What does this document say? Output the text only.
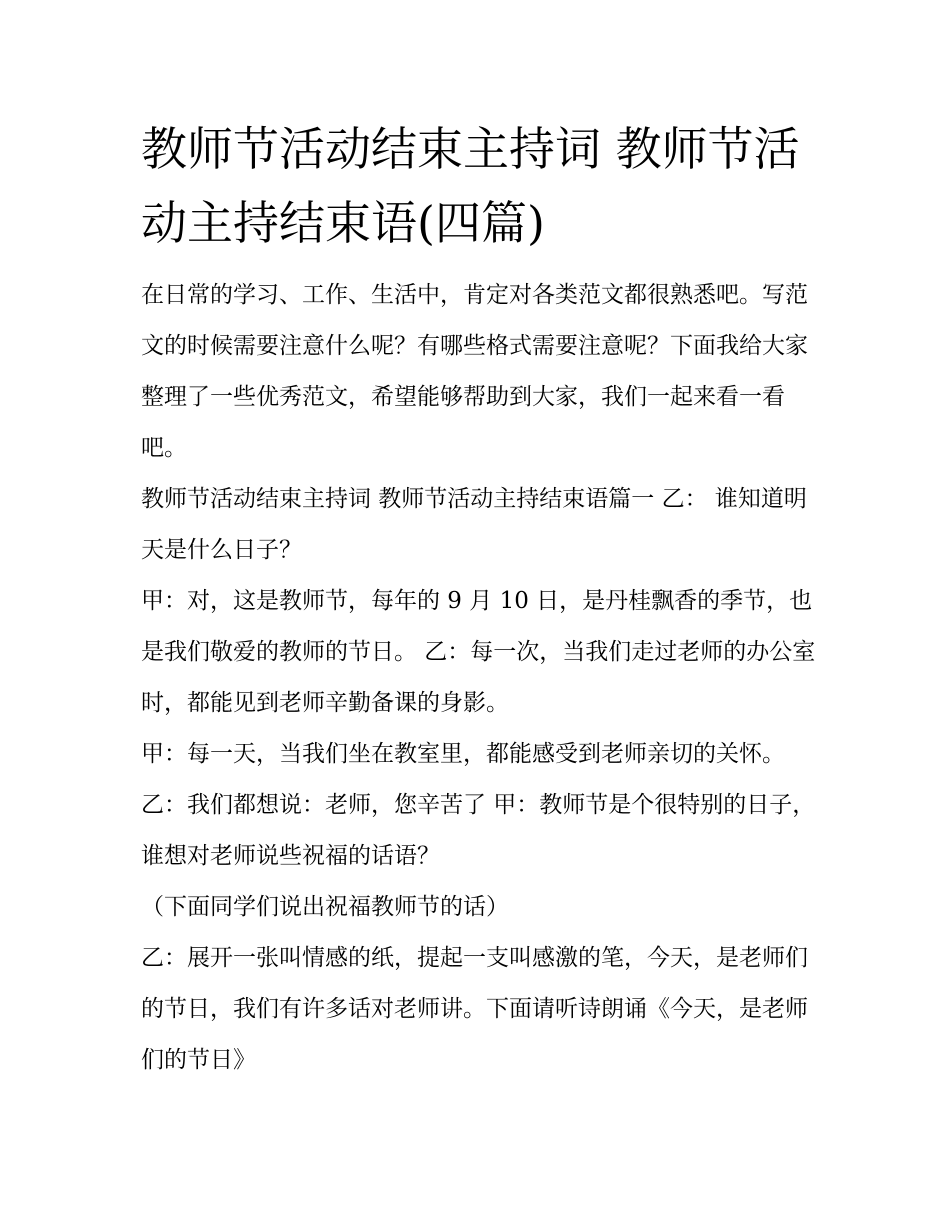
教师节活动结束主持词 教师节活动主持结束语(四篇)

在日常的学习、工作、生活中，肯定对各类范文都很熟悉吧。写范文的时候需要注意什么呢？有哪些格式需要注意呢？下面我给大家整理了一些优秀范文，希望能够帮助到大家，我们一起来看一看吧。

教师节活动结束主持词 教师节活动主持结束语篇一 乙： 谁知道明天是什么日子？

甲：对，这是教师节，每年的 9 月 10 日，是丹桂飘香的季节，也是我们敬爱的教师的节日。 乙：每一次，当我们走过老师的办公室时，都能见到老师辛勤备课的身影。

甲：每一天，当我们坐在教室里，都能感受到老师亲切的关怀。 乙：我们都想说：老师，您辛苦了 甲：教师节是个很特别的日子，谁想对老师说些祝福的话语？

（下面同学们说出祝福教师节的话）

乙：展开一张叫情感的纸，提起一支叫感激的笔，今天，是老师们的节日，我们有许多话对老师讲。下面请听诗朗诵《今天，是老师们的节日》
